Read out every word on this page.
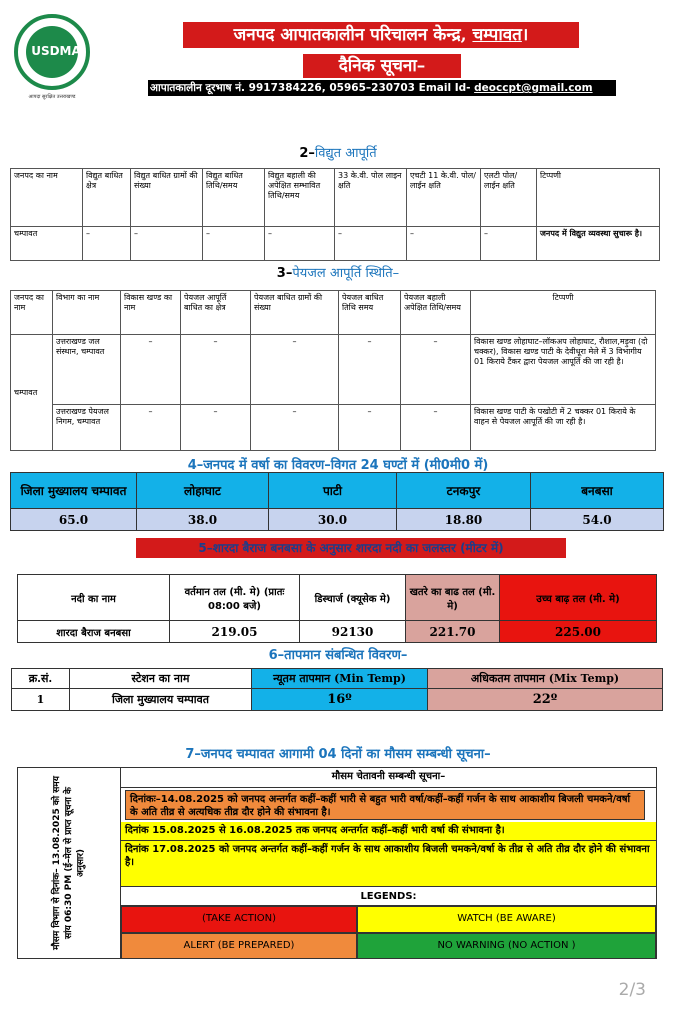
USDMA
आपदा सुरक्षित उत्तराखण्ड
जनपद आपातकालीन परिचालन केन्द्र, चम्पावत।
दैनिक सूचना–
आपातकालीन दूरभाष नं. 9917384226, 05965–230703 Email Id- deoccpt@gmail.com
2–विद्युत आपूर्ति
जनपद का नाम	विद्युत बाधित क्षेत्र	विद्युत बाधित ग्रामों की संख्या	विद्युत बाधित तिथि/समय	विद्युत बहाली की अपेक्षित सम्भावित तिथि/समय	33 के.वी. पोल लाइन क्षति	एचटी 11 के.वी. पोल/लाईन क्षति	एलटी पोल/लाईन क्षति	टिप्पणी
चम्पावत	–	–	–	–	–	–	–	जनपद में विद्युत व्यवस्था सुचारू है।
3–पेयजल आपूर्ति स्थिति–
जनपद का नाम	विभाग का नाम	विकास खण्ड का नाम	पेयजल आपूर्ति बाधित का क्षेत्र	पेयजल बाधित ग्रामों की संख्या	पेयजल बाधित तिथि समय	पेयजल बहाली अपेक्षित तिथि/समय	टिप्पणी
चम्पावत	उत्तराखण्ड जल संस्थान, चम्पावत	–	–	–	–	–	विकास खण्ड लोहाघाट–लॉकअप लोहाघाट, रौशाल,मड़ुवा (दो चक्कर), विकास खण्ड पाटी के देवीधूरा मेले में 3 विभागीय 01 किराये टैंकर द्वारा पेयजल आपूर्ति की जा रही है।
	उत्तराखण्ड पेयजल निगम, चम्पावत	–	–	–	–	–	विकास खण्ड पाटी के पखोटी में 2 चक्कर 01 किराये के वाहन से पेयजल आपूर्ति की जा रही है।
4–जनपद में वर्षा का विवरण–विगत 24 घण्टों में (मी0मी0 में)
जिला मुख्यालय चम्पावत	लोहाघाट	पाटी	टनकपुर	बनबसा
65.0	38.0	30.0	18.80	54.0
5–शारदा बैराज बनबसा के अनुसार शारदा नदी का जलस्तर (मीटर में)
नदी का नाम	वर्तमान तल (मी. मे) (प्रातः 08:00 बजे)	डिस्चार्ज (क्यूसेक मे)	खतरे का बाढ तल (मी. मे)	उच्च बाढ़ तल (मी. मे)
शारदा बैराज बनबसा	219.05	92130	221.70	225.00
6–तापमान संबन्धित विवरण–
क्र.सं.	स्टेशन का नाम	न्यूतम तापमान (Min Temp)	अधिकतम तापमान (Mix Temp)
1	जिला मुख्यालय चम्पावत	16º	22º
7–जनपद चम्पावत आगामी 04 दिनों का मौसम सम्बन्धी सूचना–
मौसम विभाग से दिनांक– 13.08.2025 को समय सांय 06:30 PM (ई–मेल से प्राप्त सूचना के अनुसार)
मौसम चेतावनी सम्बन्धी सूचना–
दिनांकः–14.08.2025 को जनपद अन्तर्गत कहीं–कहीं भारी से बहुत भारी वर्षा/कहीं–कहीं गर्जन के साथ आकाशीय बिजली चमकने/वर्षा के अति तीव्र से अत्यधिक तीव्र दौर होने की संभावना है।
दिनांक 15.08.2025 से 16.08.2025 तक जनपद अन्तर्गत कहीं–कहीं भारी वर्षा की संभावना है।
दिनांक 17.08.2025 को जनपद अन्तर्गत कहीं–कहीं गर्जन के साथ आकाशीय बिजली चमकने/वर्षा के तीव्र से अति तीव्र दौर होने की संभावना है।
LEGENDS:
(TAKE ACTION)	WATCH (BE AWARE)
ALERT (BE PREPARED)	NO WARNING (NO ACTION )
2/3
